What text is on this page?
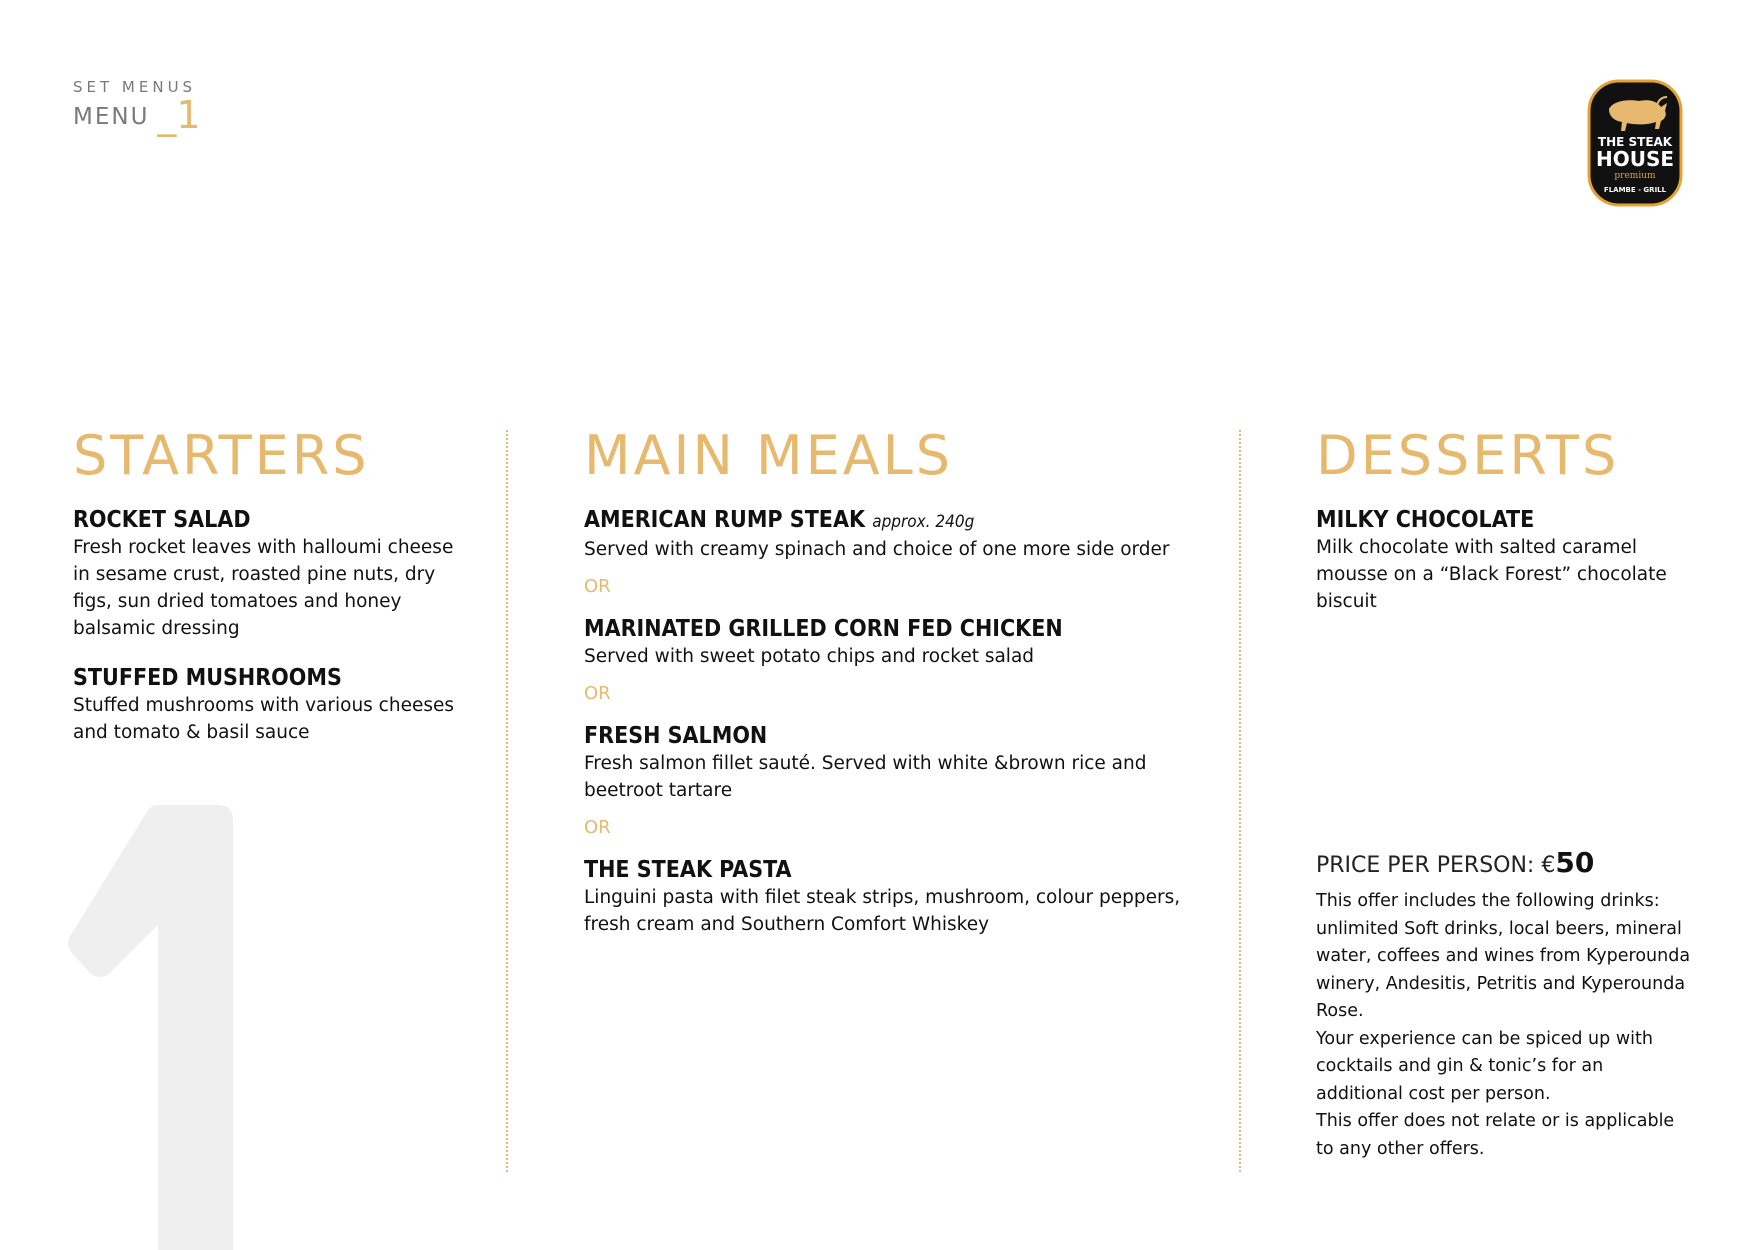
SET MENUS
MENU _1
THE STEAK
HOUSE
premium
FLAMBE - GRILL
STARTERS
ROCKET SALAD
Fresh rocket leaves with halloumi cheese in sesame crust, roasted pine nuts, dry figs, sun dried tomatoes and honey balsamic dressing
STUFFED MUSHROOMS
Stuffed mushrooms with various cheeses and tomato & basil sauce
MAIN MEALS
AMERICAN RUMP STEAK approx. 240g
Served with creamy spinach and choice of one more side order
OR
MARINATED GRILLED CORN FED CHICKEN
Served with sweet potato chips and rocket salad
OR
FRESH SALMON
Fresh salmon fillet sauté. Served with white &brown rice and beetroot tartare
OR
THE STEAK PASTA
Linguini pasta with filet steak strips, mushroom, colour peppers, fresh cream and Southern Comfort Whiskey
DESSERTS
MILKY CHOCOLATE
Milk chocolate with salted caramel mousse on a “Black Forest” chocolate biscuit
PRICE PER PERSON: €50
This offer includes the following drinks: unlimited Soft drinks, local beers, mineral water, coffees and wines from Kyperounda winery, Andesitis, Petritis and Kyperounda Rose.
Your experience can be spiced up with cocktails and gin & tonic’s for an additional cost per person.
This offer does not relate or is applicable to any other offers.
